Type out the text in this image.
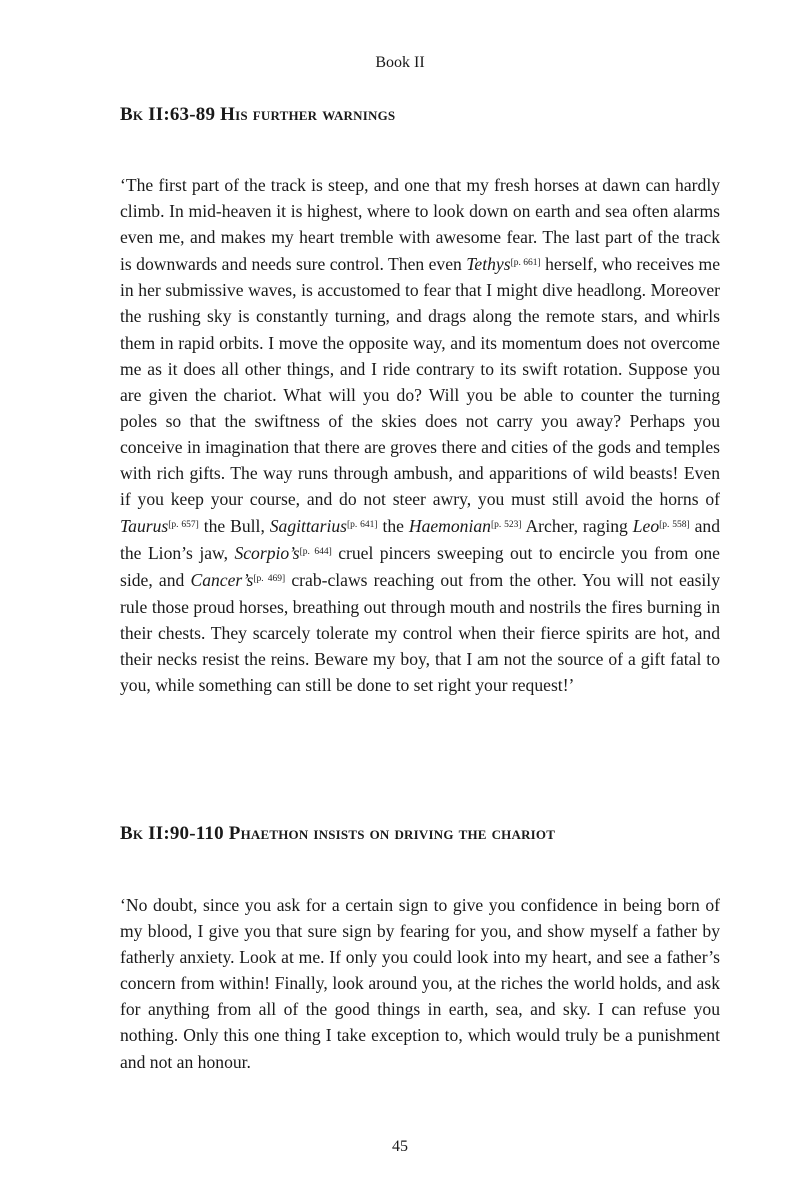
Book II
Bk II:63-89 His further warnings

‘The first part of the track is steep, and one that my fresh horses at dawn can hardly climb. In mid-heaven it is highest, where to look down on earth and sea often alarms even me, and makes my heart tremble with awesome fear. The last part of the track is downwards and needs sure control. Then even Tethys[p. 661] herself, who receives me in her submissive waves, is accustomed to fear that I might dive headlong. Moreover the rushing sky is constantly turning, and drags along the remote stars, and whirls them in rapid orbits. I move the opposite way, and its momentum does not overcome me as it does all other things, and I ride contrary to its swift rotation. Suppose you are given the chariot. What will you do? Will you be able to counter the turning poles so that the swiftness of the skies does not carry you away? Perhaps you conceive in imagination that there are groves there and cities of the gods and temples with rich gifts. The way runs through ambush, and apparitions of wild beasts! Even if you keep your course, and do not steer awry, you must still avoid the horns of Taurus[p. 657] the Bull, Sagittarius[p. 641] the Haemonian[p. 523] Archer, raging Leo[p. 558] and the Lion’s jaw, Scorpio’s[p. 644] cruel pincers sweeping out to encircle you from one side, and Cancer’s[p. 469] crab-claws reaching out from the other. You will not easily rule those proud horses, breathing out through mouth and nostrils the fires burning in their chests. They scarcely tolerate my control when their fierce spirits are hot, and their necks resist the reins. Beware my boy, that I am not the source of a gift fatal to you, while something can still be done to set right your request!’

Bk II:90-110 Phaethon insists on driving the chariot

‘No doubt, since you ask for a certain sign to give you confidence in being born of my blood, I give you that sure sign by fearing for you, and show myself a father by fatherly anxiety. Look at me. If only you could look into my heart, and see a father’s concern from within! Finally, look around you, at the riches the world holds, and ask for anything from all of the good things in earth, sea, and sky. I can refuse you nothing. Only this one thing I take exception to, which would truly be a punishment and not an honour.

45
